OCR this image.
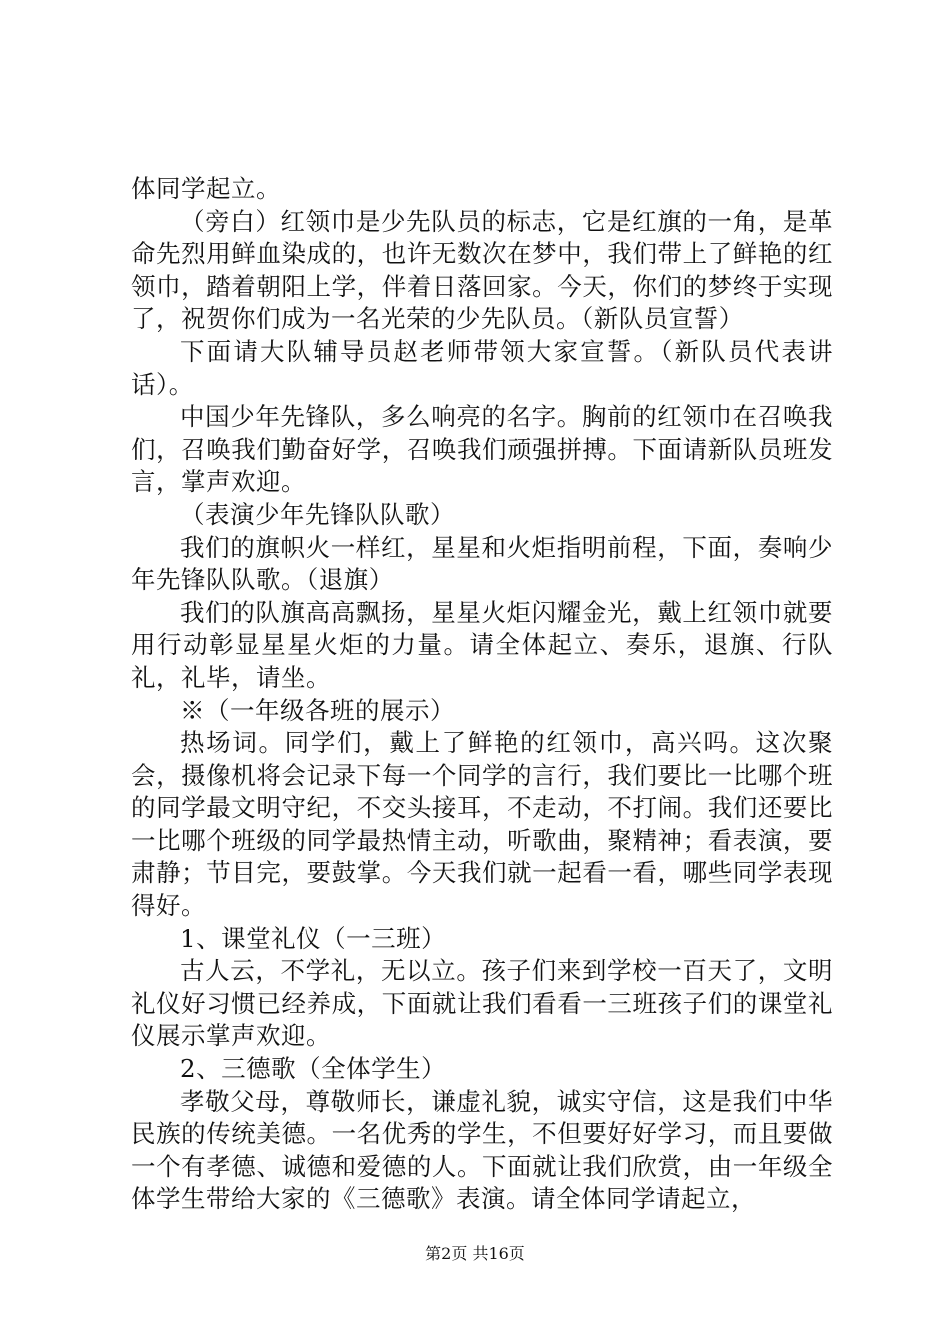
体同学起立。

（旁白）红领巾是少先队员的标志，它是红旗的一角，是革命先烈用鲜血染成的，也许无数次在梦中，我们带上了鲜艳的红领巾，踏着朝阳上学，伴着日落回家。今天，你们的梦终于实现了，祝贺你们成为一名光荣的少先队员。（新队员宣誓）

下面请大队辅导员赵老师带领大家宣誓。（新队员代表讲话）。

中国少年先锋队，多么响亮的名字。胸前的红领巾在召唤我们，召唤我们勤奋好学，召唤我们顽强拼搏。下面请新队员班发言，掌声欢迎。

（表演少年先锋队队歌）

我们的旗帜火一样红，星星和火炬指明前程，下面，奏响少年先锋队队歌。（退旗）

我们的队旗高高飘扬，星星火炬闪耀金光，戴上红领巾就要用行动彰显星星火炬的力量。请全体起立、奏乐，退旗、行队礼，礼毕，请坐。

※（一年级各班的展示）

热场词。同学们，戴上了鲜艳的红领巾，高兴吗。这次聚会，摄像机将会记录下每一个同学的言行，我们要比一比哪个班的同学最文明守纪，不交头接耳，不走动，不打闹。我们还要比一比哪个班级的同学最热情主动，听歌曲，聚精神；看表演，要肃静；节目完，要鼓掌。今天我们就一起看一看，哪些同学表现得好。

1、课堂礼仪（一三班）

古人云，不学礼，无以立。孩子们来到学校一百天了，文明礼仪好习惯已经养成，下面就让我们看看一三班孩子们的课堂礼仪展示掌声欢迎。

2、三德歌（全体学生）

孝敬父母，尊敬师长，谦虚礼貌，诚实守信，这是我们中华民族的传统美德。一名优秀的学生，不但要好好学习，而且要做一个有孝德、诚德和爱德的人。下面就让我们欣赏，由一年级全体学生带给大家的《三德歌》表演。请全体同学请起立，

第2页 共16页
